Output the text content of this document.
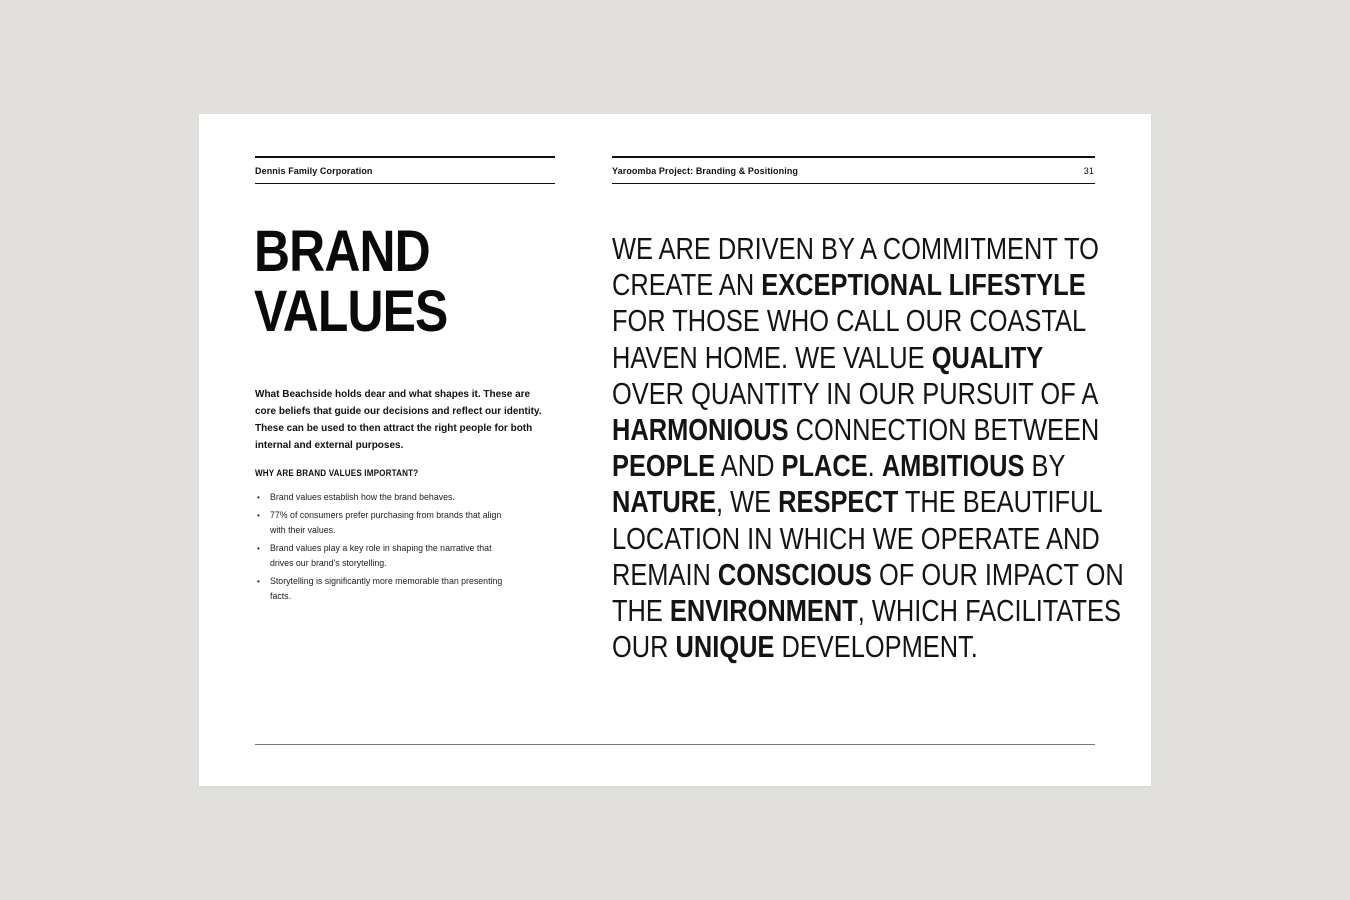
Dennis Family Corporation	Yaroomba Project: Branding & Positioning	31
BRAND
VALUES

What Beachside holds dear and what shapes it. These are core beliefs that guide our decisions and reflect our identity. These can be used to then attract the right people for both internal and external purposes.

WHY ARE BRAND VALUES IMPORTANT?

• Brand values establish how the brand behaves.
• 77% of consumers prefer purchasing from brands that align with their values.
• Brand values play a key role in shaping the narrative that drives our brand's storytelling.
• Storytelling is significantly more memorable than presenting facts.
WE ARE DRIVEN BY A COMMITMENT TO
CREATE AN EXCEPTIONAL LIFESTYLE
FOR THOSE WHO CALL OUR COASTAL
HAVEN HOME. WE VALUE QUALITY
OVER QUANTITY IN OUR PURSUIT OF A
HARMONIOUS CONNECTION BETWEEN
PEOPLE AND PLACE. AMBITIOUS BY
NATURE, WE RESPECT THE BEAUTIFUL
LOCATION IN WHICH WE OPERATE AND
REMAIN CONSCIOUS OF OUR IMPACT ON
THE ENVIRONMENT, WHICH FACILITATES
OUR UNIQUE DEVELOPMENT.
